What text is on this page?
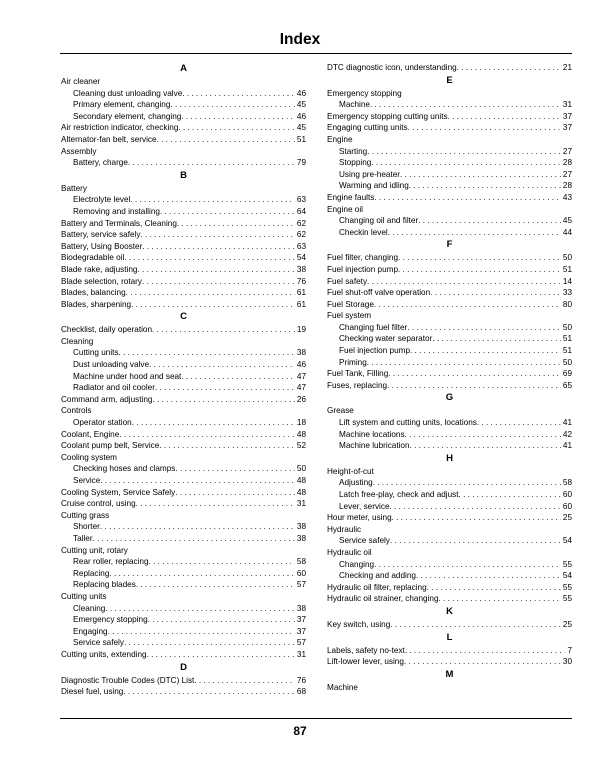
Index
A
Air cleaner
Cleaning dust unloading valve . . .	46
Primary element, changing . . .	45
Secondary element, changing . . .	46
Air restriction indicator, checking . . .	45
Alternator-fan belt, service . . .	51
Assembly
Battery, charge . . .	79
B
Battery
Electrolyte level . . .	63
Removing and installing . . .	64
Battery and Terminals, Cleaning . . .	62
Battery, service safely . . .	62
Battery, Using Booster . . .	63
Biodegradable oil . . .	54
Blade rake, adjusting . . .	38
Blade selection, rotary . . .	76
Blades, balancing . . .	61
Blades, sharpening . . .	61
C
Checklist, daily operation . . .	19
Cleaning
Cutting units . . .	38
Dust unloading valve . . .	46
Machine under hood and seat . . .	47
Radiator and oil cooler . . .	47
Command arm, adjusting . . .	26
Controls
Operator station . . .	18
Coolant, Engine . . .	48
Coolant pump belt, Service . . .	52
Cooling system
Checking hoses and clamps . . .	50
Service . . .	48
Cooling System, Service Safely . . .	48
Cruise control, using . . .	31
Cutting grass
Shorter . . .	38
Taller . . .	38
Cutting unit, rotary
Rear roller, replacing . . .	58
Replacing . . .	60
Replacing blades . . .	57
Cutting units
Cleaning . . .	38
Emergency stopping . . .	37
Engaging . . .	37
Service safely . . .	57
Cutting units, extending . . .	31
D
Diagnostic Trouble Codes (DTC) List . . .	76
Diesel fuel, using . . .	68
DTC diagnostic icon, understanding . . .	21
E
Emergency stopping
Machine . . .	31
Emergency stopping cutting units . . .	37
Engaging cutting units . . .	37
Engine
Starting . . .	27
Stopping . . .	28
Using pre-heater . . .	27
Warming and idling . . .	28
Engine faults . . .	43
Engine oil
Changing oil and filter . . .	45
Checkin level . . .	44
F
Fuel filter, changing . . .	50
Fuel injection pump . . .	51
Fuel safety . . .	14
Fuel shut-off valve operation . . .	33
Fuel Storage . . .	80
Fuel system
Changing fuel filter . . .	50
Checking water separator . . .	51
Fuel injection pump . . .	51
Priming . . .	50
Fuel Tank, Filling . . .	69
Fuses, replacing . . .	65
G
Grease
Lift system and cutting units, locations . . .	41
Machine locations . . .	42
Machine lubrication . . .	41
H
Height-of-cut
Adjusting . . .	58
Latch free-play, check and adjust . . .	60
Lever, service . . .	60
Hour meter, using . . .	25
Hydraulic
Service safely . . .	54
Hydraulic oil
Changing . . .	55
Checking and adding . . .	54
Hydraulic oil filter, replacing . . .	55
Hydraulic oil strainer, changing . . .	55
K
Key switch, using . . .	25
L
Labels, safety no-text . . .	7
Lift-lower lever, using . . .	30
M
Machine
87
